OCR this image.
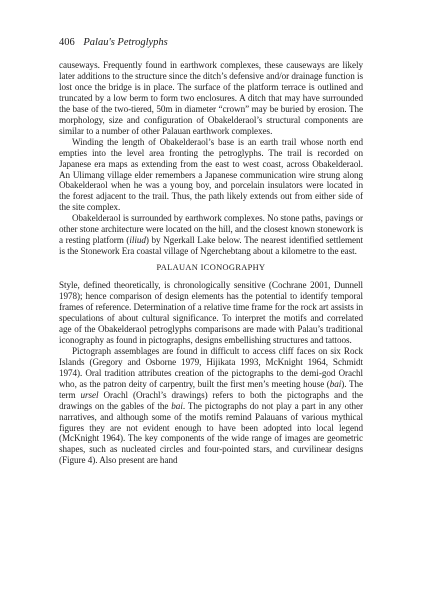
406 Palau's Petroglyphs

causeways. Frequently found in earthwork complexes, these causeways are likely later additions to the structure since the ditch’s defensive and/or drainage function is lost once the bridge is in place. The surface of the platform terrace is outlined and truncated by a low berm to form two enclosures. A ditch that may have surrounded the base of the two-tiered, 50m in diameter “crown” may be buried by erosion. The morphology, size and configuration of Obakelderaol’s structural components are similar to a number of other Palauan earthwork complexes.

Winding the length of Obakelderaol’s base is an earth trail whose north end empties into the level area fronting the petroglyphs. The trail is recorded on Japanese era maps as extending from the east to west coast, across Obakelderaol. An Ulimang village elder remembers a Japanese communication wire strung along Obakelderaol when he was a young boy, and porcelain insulators were located in the forest adjacent to the trail. Thus, the path likely extends out from either side of the site complex.

Obakelderaol is surrounded by earthwork complexes. No stone paths, pavings or other stone architecture were located on the hill, and the closest known stonework is a resting platform (iliud) by Ngerkall Lake below. The nearest identified settlement is the Stonework Era coastal village of Ngerchebtang about a kilometre to the east.

PALAUAN ICONOGRAPHY

Style, defined theoretically, is chronologically sensitive (Cochrane 2001, Dunnell 1978); hence comparison of design elements has the potential to identify temporal frames of reference. Determination of a relative time frame for the rock art assists in speculations of about cultural significance. To interpret the motifs and correlated age of the Obakelderaol petroglyphs comparisons are made with Palau’s traditional iconography as found in pictographs, designs embellishing structures and tattoos.

Pictograph assemblages are found in difficult to access cliff faces on six Rock Islands (Gregory and Osborne 1979, Hijikata 1993, McKnight 1964, Schmidt 1974). Oral tradition attributes creation of the pictographs to the demi-god Orachl who, as the patron deity of carpentry, built the first men’s meeting house (bai). The term ursel Orachl (Orachl’s drawings) refers to both the pictographs and the drawings on the gables of the bai. The pictographs do not play a part in any other narratives, and although some of the motifs remind Palauans of various mythical figures they are not evident enough to have been adopted into local legend (McKnight 1964). The key components of the wide range of images are geometric shapes, such as nucleated circles and four-pointed stars, and curvilinear designs (Figure 4). Also present are hand
